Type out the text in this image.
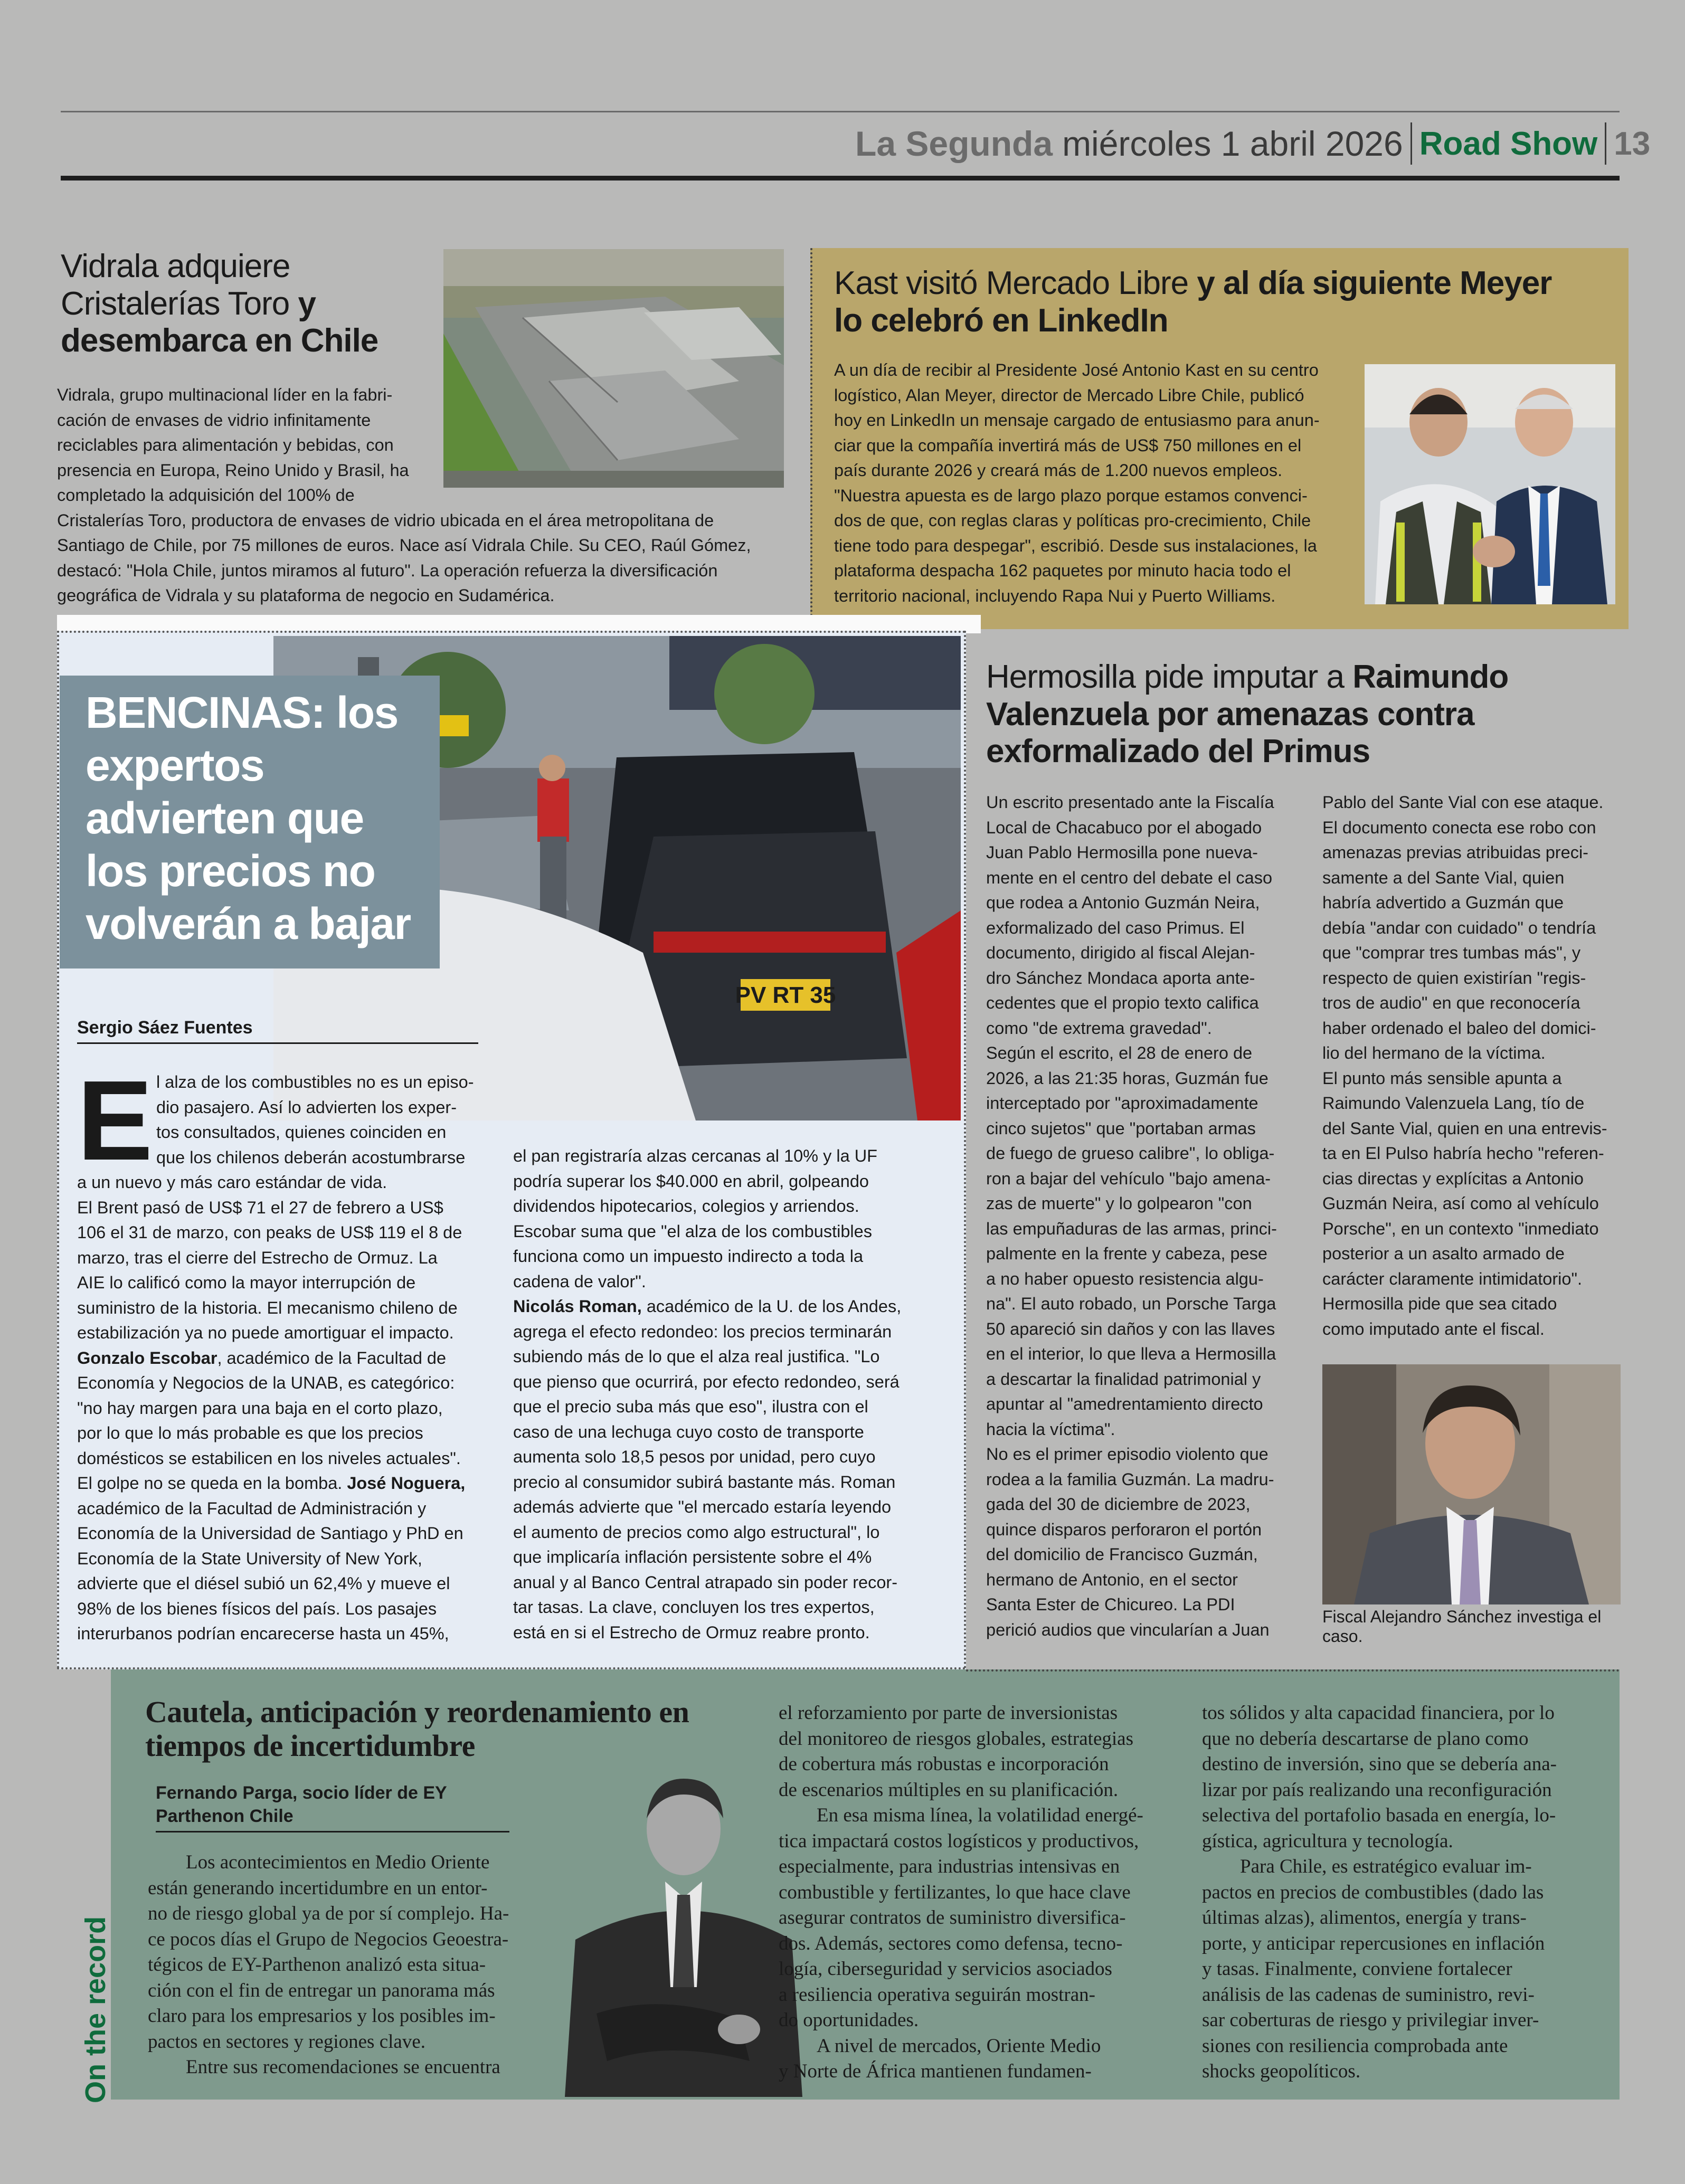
La Segunda miércoles 1 abril 2026 Road Show 13
Vidrala adquiere Cristalerías Toro y desembarca en Chile
Vidrala, grupo multinacional líder en la fabri-
cación de envases de vidrio infinitamente
reciclables para alimentación y bebidas, con
presencia en Europa, Reino Unido y Brasil, ha
completado la adquisición del 100% de
Cristalerías Toro, productora de envases de vidrio ubicada en el área metropolitana de
Santiago de Chile, por 75 millones de euros. Nace así Vidrala Chile. Su CEO, Raúl Gómez,
destacó: "Hola Chile, juntos miramos al futuro". La operación refuerza la diversificación
geográfica de Vidrala y su plataforma de negocio en Sudamérica.
Kast visitó Mercado Libre y al día siguiente Meyer lo celebró en LinkedIn
A un día de recibir al Presidente José Antonio Kast en su centro
logístico, Alan Meyer, director de Mercado Libre Chile, publicó
hoy en LinkedIn un mensaje cargado de entusiasmo para anun-
ciar que la compañía invertirá más de US$ 750 millones en el
país durante 2026 y creará más de 1.200 nuevos empleos.
"Nuestra apuesta es de largo plazo porque estamos convenci-
dos de que, con reglas claras y políticas pro-crecimiento, Chile
tiene todo para despegar", escribió. Desde sus instalaciones, la
plataforma despacha 162 paquetes por minuto hacia todo el
territorio nacional, incluyendo Rapa Nui y Puerto Williams.
PV RT 35
BENCINAS: los expertos advierten que los precios no volverán a bajar
Sergio Sáez Fuentes
E l alza de los combustibles no es un episo-
dio pasajero. Así lo advierten los exper-
tos consultados, quienes coinciden en
que los chilenos deberán acostumbrarse
a un nuevo y más caro estándar de vida.
El Brent pasó de US$ 71 el 27 de febrero a US$
106 el 31 de marzo, con peaks de US$ 119 el 8 de
marzo, tras el cierre del Estrecho de Ormuz. La
AIE lo calificó como la mayor interrupción de
suministro de la historia. El mecanismo chileno de
estabilización ya no puede amortiguar el impacto.
Gonzalo Escobar, académico de la Facultad de
Economía y Negocios de la UNAB, es categórico:
"no hay margen para una baja en el corto plazo,
por lo que lo más probable es que los precios
domésticos se estabilicen en los niveles actuales".
El golpe no se queda en la bomba. José Noguera,
académico de la Facultad de Administración y
Economía de la Universidad de Santiago y PhD en
Economía de la State University of New York,
advierte que el diésel subió un 62,4% y mueve el
98% de los bienes físicos del país. Los pasajes
interurbanos podrían encarecerse hasta un 45%,
el pan registraría alzas cercanas al 10% y la UF
podría superar los $40.000 en abril, golpeando
dividendos hipotecarios, colegios y arriendos.
Escobar suma que "el alza de los combustibles
funciona como un impuesto indirecto a toda la
cadena de valor".
Nicolás Roman, académico de la U. de los Andes,
agrega el efecto redondeo: los precios terminarán
subiendo más de lo que el alza real justifica. "Lo
que pienso que ocurrirá, por efecto redondeo, será
que el precio suba más que eso", ilustra con el
caso de una lechuga cuyo costo de transporte
aumenta solo 18,5 pesos por unidad, pero cuyo
precio al consumidor subirá bastante más. Roman
además advierte que "el mercado estaría leyendo
el aumento de precios como algo estructural", lo
que implicaría inflación persistente sobre el 4%
anual y al Banco Central atrapado sin poder recor-
tar tasas. La clave, concluyen los tres expertos,
está en si el Estrecho de Ormuz reabre pronto.
Hermosilla pide imputar a Raimundo Valenzuela por amenazas contra exformalizado del Primus
Un escrito presentado ante la Fiscalía
Local de Chacabuco por el abogado
Juan Pablo Hermosilla pone nueva-
mente en el centro del debate el caso
que rodea a Antonio Guzmán Neira,
exformalizado del caso Primus. El
documento, dirigido al fiscal Alejan-
dro Sánchez Mondaca aporta ante-
cedentes que el propio texto califica
como "de extrema gravedad".
Según el escrito, el 28 de enero de
2026, a las 21:35 horas, Guzmán fue
interceptado por "aproximadamente
cinco sujetos" que "portaban armas
de fuego de grueso calibre", lo obliga-
ron a bajar del vehículo "bajo amena-
zas de muerte" y lo golpearon "con
las empuñaduras de las armas, princi-
palmente en la frente y cabeza, pese
a no haber opuesto resistencia algu-
na". El auto robado, un Porsche Targa
50 apareció sin daños y con las llaves
en el interior, lo que lleva a Hermosilla
a descartar la finalidad patrimonial y
apuntar al "amedrentamiento directo
hacia la víctima".
No es el primer episodio violento que
rodea a la familia Guzmán. La madru-
gada del 30 de diciembre de 2023,
quince disparos perforaron el portón
del domicilio de Francisco Guzmán,
hermano de Antonio, en el sector
Santa Ester de Chicureo. La PDI
perició audios que vincularían a Juan
Pablo del Sante Vial con ese ataque.
El documento conecta ese robo con
amenazas previas atribuidas preci-
samente a del Sante Vial, quien
habría advertido a Guzmán que
debía "andar con cuidado" o tendría
que "comprar tres tumbas más", y
respecto de quien existirían "regis-
tros de audio" en que reconocería
haber ordenado el baleo del domici-
lio del hermano de la víctima.
El punto más sensible apunta a
Raimundo Valenzuela Lang, tío de
del Sante Vial, quien en una entrevis-
ta en El Pulso habría hecho "referen-
cias directas y explícitas a Antonio
Guzmán Neira, así como al vehículo
Porsche", en un contexto "inmediato
posterior a un asalto armado de
carácter claramente intimidatorio".
Hermosilla pide que sea citado
como imputado ante el fiscal.
Fiscal Alejandro Sánchez investiga el caso.
On the record
Cautela, anticipación y reordenamiento en tiempos de incertidumbre
Fernando Parga, socio líder de EY Parthenon Chile

Los acontecimientos en Medio Oriente
están generando incertidumbre en un entor-
no de riesgo global ya de por sí complejo. Ha-
ce pocos días el Grupo de Negocios Geoestra-
tégicos de EY-Parthenon analizó esta situa-
ción con el fin de entregar un panorama más
claro para los empresarios y los posibles im-
pactos en sectores y regiones clave.

Entre sus recomendaciones se encuentra

el reforzamiento por parte de inversionistas
del monitoreo de riesgos globales, estrategias
de cobertura más robustas e incorporación
de escenarios múltiples en su planificación.

En esa misma línea, la volatilidad energé-
tica impactará costos logísticos y productivos,
especialmente, para industrias intensivas en
combustible y fertilizantes, lo que hace clave
asegurar contratos de suministro diversifica-
dos. Además, sectores como defensa, tecno-
logía, ciberseguridad y servicios asociados
a resiliencia operativa seguirán mostran-
do oportunidades.

A nivel de mercados, Oriente Medio
y Norte de África mantienen fundamen-

tos sólidos y alta capacidad financiera, por lo
que no debería descartarse de plano como
destino de inversión, sino que se debería ana-
lizar por país realizando una reconfiguración
selectiva del portafolio basada en energía, lo-
gística, agricultura y tecnología.

Para Chile, es estratégico evaluar im-
pactos en precios de combustibles (dado las
últimas alzas), alimentos, energía y trans-
porte, y anticipar repercusiones en inflación
y tasas. Finalmente, conviene fortalecer
análisis de las cadenas de suministro, revi-
sar coberturas de riesgo y privilegiar inver-
siones con resiliencia comprobada ante
shocks geopolíticos.
